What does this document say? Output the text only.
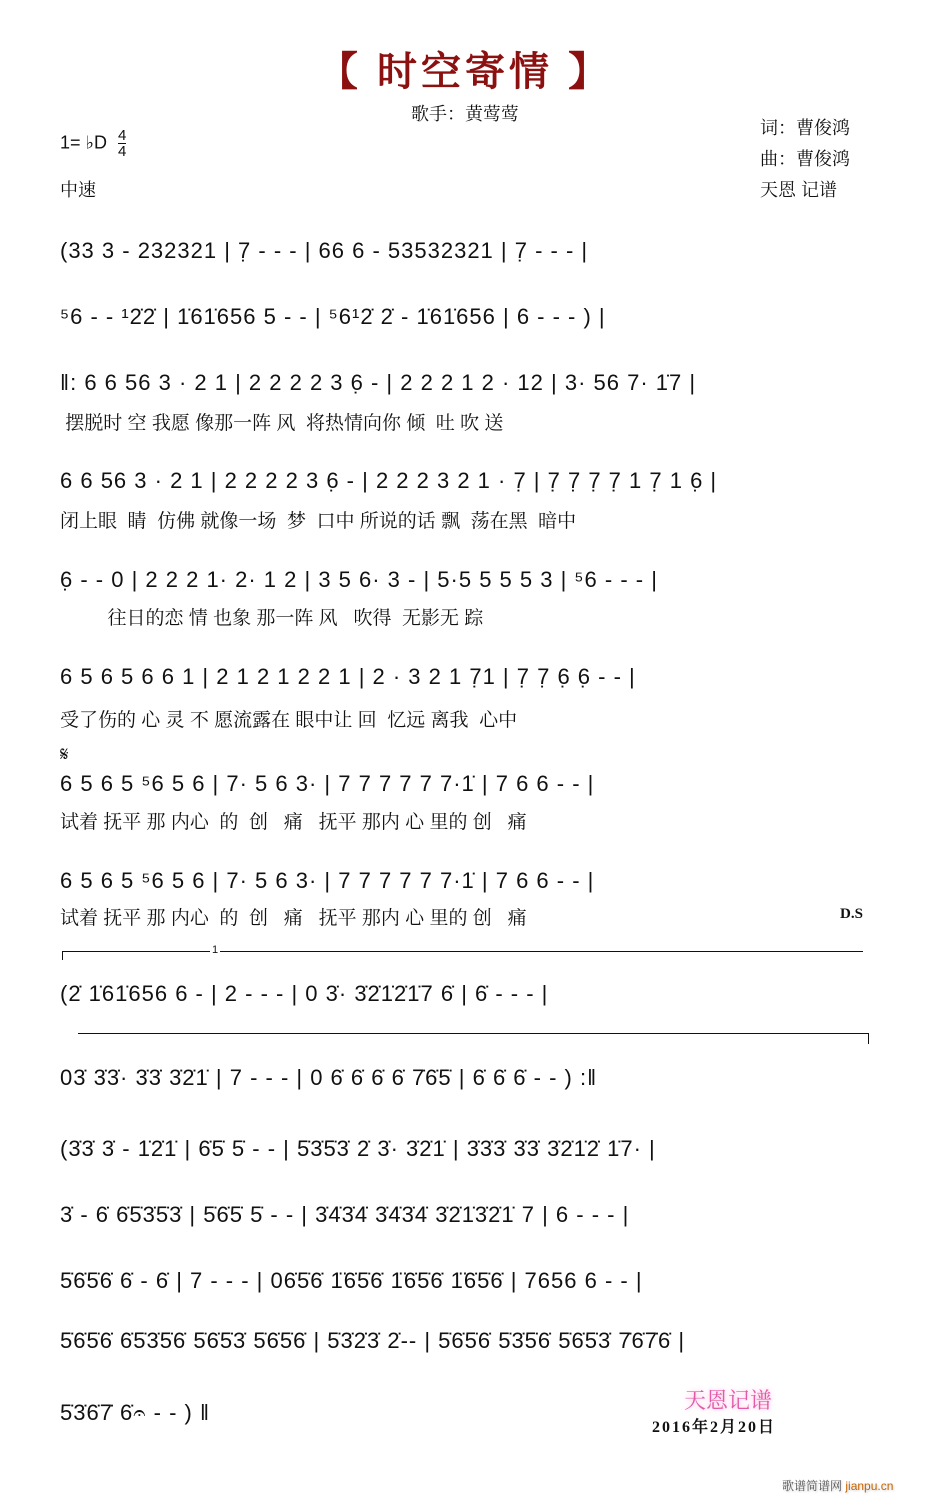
【 时空寄情 】
歌手：黄莺莺
1= ♭D $\frac{4}{4}$
中速
词：曹俊鸿
曲：曹俊鸿
天恩 记谱
(33 3 - 232321 | 7̣ - - - | 66 6 - 53532321 | 7̣ - - - |
⁵6 - - ¹2̇2̇ | 1̇61̇656 5 - - | ⁵6¹2̇ 2̇ - 1̇61̇656 | 6 - - - ) |
‖: 6 6 56 3 · 2 1 | 2 2 2 2 3 6̣ - | 2 2 2 1 2 · 12 | 3· 56 7· 1̇7 |
摆脱时 空 我愿 像那一阵 风  将热情向你 倾  吐 吹 送
6 6 56 3 · 2 1 | 2 2 2 2 3 6̣ - | 2 2 2 3 2 1 · 7̣ | 7̣ 7̣ 7̣ 7̣ 1 7̣ 1 6̣ |
闭上眼  睛  仿佛 就像一场  梦  口中 所说的话 飘  荡在黑  暗中
6̣ - - 0 | 2 2 2 1· 2· 1 2 | 3 5 6· 3 - | 5·5 5 5 5 3 | ⁵6 - - - |
往日的恋 情 也象 那一阵 风   吹得  无影无 踪
6 5 6 5 6 6 1 | 2 1 2 1 2 2 1 | 2 · 3 2 1 7̣1 | 7̣ 7̣ 6̣ 6̣ - - |
受了伤的 心 灵 不 愿流露在 眼中让 回  忆远 离我  心中
𝄋
6 5 6 5 ⁵6 5 6 | 7· 5 6 3· | 7 7 7 7 7 7·1̇ | 7 6 6 - - |
试着 抚平 那 内心  的  创   痛   抚平 那内 心 里的 创   痛
6 5 6 5 ⁵6 5 6 | 7· 5 6 3· | 7 7 7 7 7 7·1̇ | 7 6 6 - - |
试着 抚平 那 内心  的  创   痛   抚平 那内 心 里的 创   痛	D.S
1
(2̇ 1̇61̇656 6 - | 2 - - - | 0 3̇· 3̇2̇1̇2̇1̇7 6̇ | 6̇ - - - |
03̇ 3̇3̇· 3̇3̇ 3̇2̇1̇ | 7 - - - | 0 6̇ 6̇ 6̇ 6̇ 7̇6̇5̇ | 6̇ 6̇ 6̇ - - ) :‖
(3̇3̇ 3̇ - 1̇2̇1̇ | 6̇5̇ 5̇ - - | 5̇3̇5̇3̇ 2̇ 3̇· 3̇2̇1̇ | 3̇3̇3̇ 3̇3̇ 3̇2̇1̇2̇ 1̇7· |
3̇ - 6̇ 6̇5̇3̇5̇3̇ | 5̇6̇5̇ 5̇ - - | 3̇4̇3̇4̇ 3̇4̇3̇4̇ 3̇2̇1̇3̇2̇1̇ 7 | 6 - - - |
5̇6̇5̇6̇ 6̇ - 6̇ | 7 - - - | 06̇5̇6̇ 1̈6̇5̇6̇ 1̈6̇5̇6̇ 1̈6̇5̇6̇ | 7656 6 - - |
5̇6̇5̇6̇ 6̇5̇3̇5̇6̇ 5̇6̇5̇3̇ 5̇6̇5̇6̇ | 5̇3̇2̇3̇ 2̇-- | 5̇6̇5̇6̇ 5̇3̇5̇6̇ 5̇6̇5̇3̇ 7̇6̇7̇6̇ |
5̇3̇6̇7̇ 6̇𝄐 - - ) ‖	天恩记谱
2016年2月20日
歌谱简谱网 jianpu.cn
